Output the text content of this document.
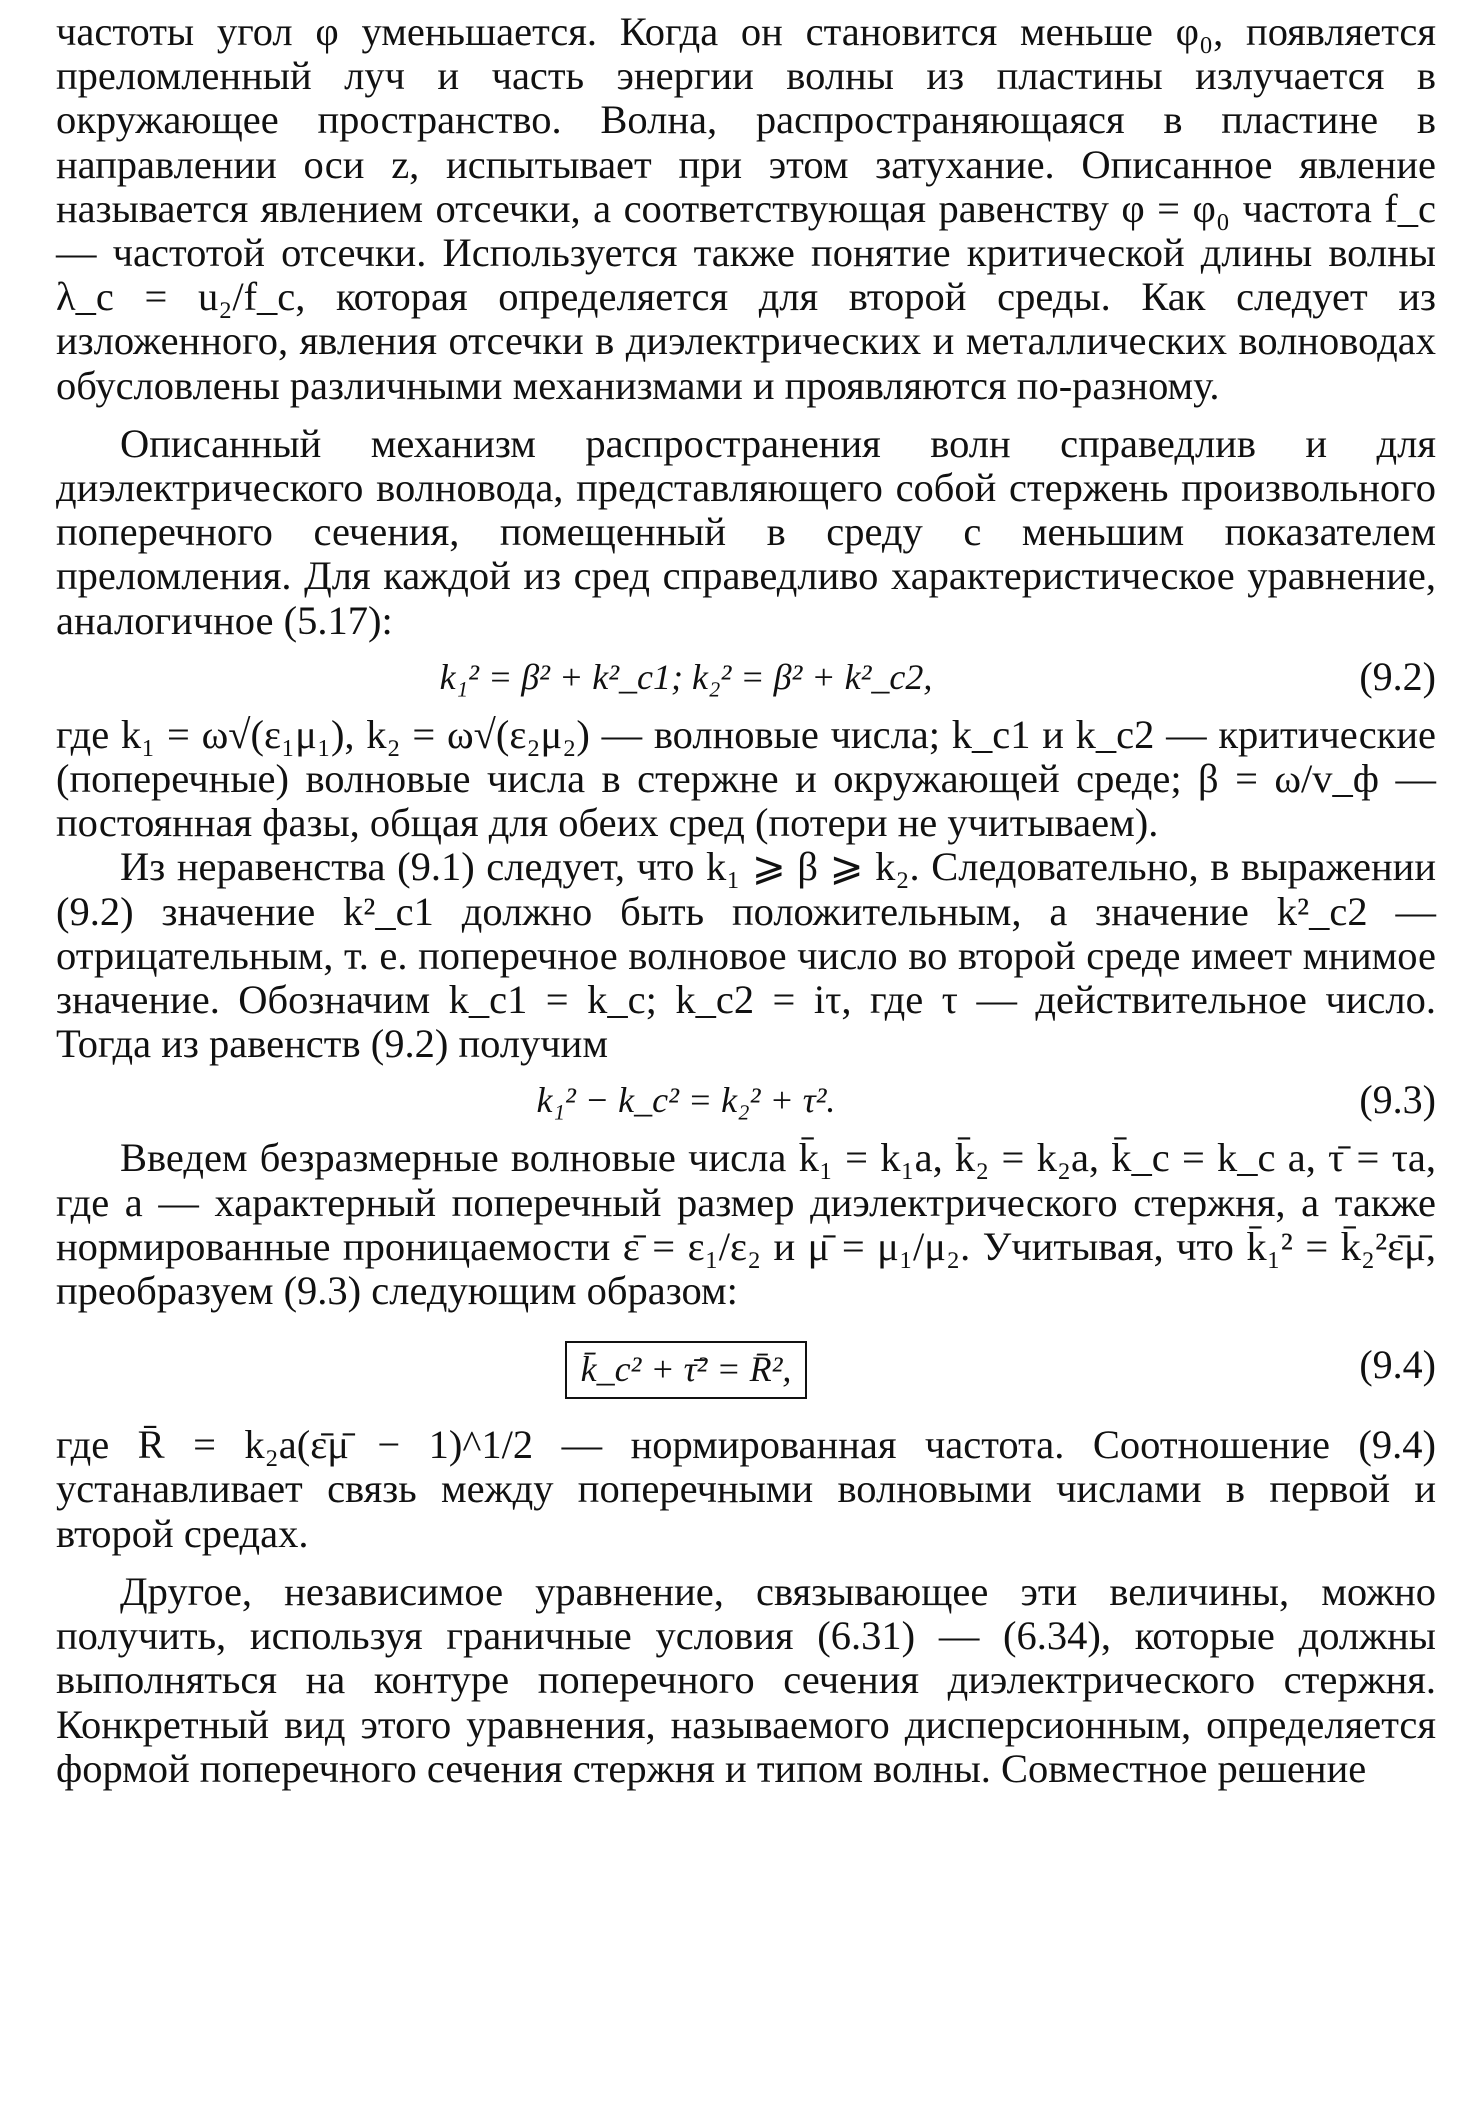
частоты угол φ уменьшается. Когда он становится меньше φ₀, появляется преломленный луч и часть энергии волны из пластины излучается в окружающее пространство. Волна, распространяющаяся в пластине в направлении оси z, испытывает при этом затухание. Описанное явление называется явлением отсечки, а соответствующая равенству φ = φ₀ частота f_c — частотой отсечки. Используется также понятие критической длины волны λ_c = u₂/f_c, которая определяется для второй среды. Как следует из изложенного, явления отсечки в диэлектрических и металлических волноводах обусловлены различными механизмами и проявляются по-разному.

Описанный механизм распространения волн справедлив и для диэлектрического волновода, представляющего собой стержень произвольного поперечного сечения, помещенный в среду с меньшим показателем преломления. Для каждой из сред справедливо характеристическое уравнение, аналогичное (5.17):

k₁² = β² + k²_c1; k₂² = β² + k²_c2,	(9.2)

где k₁ = ω√(ε₁μ₁), k₂ = ω√(ε₂μ₂) — волновые числа; k_c1 и k_c2 — критические (поперечные) волновые числа в стержне и окружающей среде; β = ω/v_ф — постоянная фазы, общая для обеих сред (потери не учитываем).

Из неравенства (9.1) следует, что k₁ ⩾ β ⩾ k₂. Следовательно, в выражении (9.2) значение k²_c1 должно быть положительным, а значение k²_c2 — отрицательным, т. е. поперечное волновое число во второй среде имеет мнимое значение. Обозначим k_c1 = k_c; k_c2 = iτ, где τ — действительное число. Тогда из равенств (9.2) получим

k₁² − k_c² = k₂² + τ².	(9.3)

Введем безразмерные волновые числа k̄₁ = k₁a, k̄₂ = k₂a, k̄_c = k_c a, τ̄ = τa, где a — характерный поперечный размер диэлектрического стержня, а также нормированные проницаемости ε̄ = ε₁/ε₂ и μ̄ = μ₁/μ₂. Учитывая, что k̄₁² = k̄₂²ε̄μ̄, преобразуем (9.3) следующим образом:

k̄_c² + τ̄² = R̄²,	(9.4)

где R̄ = k₂a(ε̄μ̄ − 1)^1/2 — нормированная частота. Соотношение (9.4) устанавливает связь между поперечными волновыми числами в первой и второй средах.

Другое, независимое уравнение, связывающее эти величины, можно получить, используя граничные условия (6.31) — (6.34), которые должны выполняться на контуре поперечного сечения диэлектрического стержня. Конкретный вид этого уравнения, называемого дисперсионным, определяется формой поперечного сечения стержня и типом волны. Совместное решение
